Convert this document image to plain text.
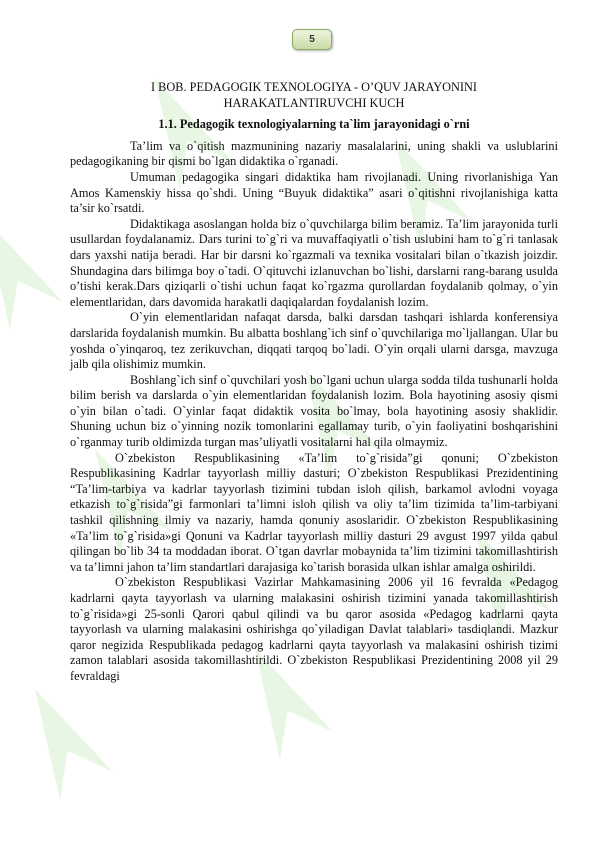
5
I BOB. PEDAGOGIK TEXNOLOGIYA - O’QUV JARAYONINI
HARAKATLANTIRUVCHI KUCH
1.1. Pedagogik texnologiyalarning ta`lim jarayonidagi o`rni

Ta’lim va o`qitish mazmunining nazariy masalalarini, uning shakli va uslublarini pedagogikaning bir qismi bo`lgan didaktika o`rganadi.

Umuman pedagogika singari didaktika ham rivojlanadi. Uning rivorlanishiga Yan Amos Kamenskiy hissa qo`shdi. Uning “Buyuk didaktika” asari o`qitishni rivojlanishiga katta ta’sir ko`rsatdi.

Didaktikaga asoslangan holda biz o`quvchilarga bilim beramiz. Ta’lim jarayonida turli usullardan foydalanamiz. Dars turini to`g`ri va muvaffaqiyatli o`tish uslubini ham to`g`ri tanlasak dars yaxshi natija beradi. Har bir darsni ko`rgazmali va texnika vositalari bilan o`tkazish joizdir. Shundagina dars bilimga boy o`tadi. O`qituvchi izlanuvchan bo`lishi, darslarni rang-barang usulda o’tishi kerak.Dars qiziqarli o`tishi uchun faqat ko`rgazma qurollardan foydalanib qolmay, o`yin elementlaridan, dars davomida harakatli daqiqalardan foydalanish lozim.

O`yin elementlaridan nafaqat darsda, balki darsdan tashqari ishlarda konferensiya darslarida foydalanish mumkin. Bu albatta boshlang`ich sinf o`quvchilariga mo`ljallangan. Ular bu yoshda o`yinqaroq, tez zerikuvchan, diqqati tarqoq bo`ladi. O`yin orqali ularni darsga, mavzuga jalb qila olishimiz mumkin.

Boshlang`ich sinf o`quvchilari yosh bo`lgani uchun ularga sodda tilda tushunarli holda bilim berish va darslarda o`yin elementlaridan foydalanish lozim. Bola hayotining asosiy qismi o`yin bilan o`tadi. O`yinlar faqat didaktik vosita bo`lmay, bola hayotining asosiy shaklidir. Shuning uchun biz o`yinning nozik tomonlarini egallamay turib, o`yin faoliyatini boshqarishini o`rganmay turib oldimizda turgan mas’uliyatli vositalarni hal qila olmaymiz.

O`zbekiston Respublikasining «Ta’lim to`g`risida”gi qonuni; O`zbekiston Respublikasining Kadrlar tayyorlash milliy dasturi; O`zbekiston Respublikasi Prezidentining “Ta’lim-tarbiya va kadrlar tayyorlash tizimini tubdan isloh qilish, barkamol avlodni voyaga etkazish to`g`risida”gi farmonlari ta’limni isloh qilish va oliy ta’lim tizimida ta’lim-tarbiyani tashkil qilishning ilmiy va nazariy, hamda qonuniy asoslaridir. O`zbekiston Respublikasining «Ta’lim to`g`risida»gi Qonuni va Kadrlar tayyorlash milliy dasturi 29 avgust 1997 yilda qabul qilingan bo`lib 34 ta moddadan iborat. O`tgan davrlar mobaynida ta’lim tizimini takomillashtirish va ta’limni jahon ta’lim standartlari darajasiga ko`tarish borasida ulkan ishlar amalga oshirildi.

O`zbekiston Respublikasi Vazirlar Mahkamasining 2006 yil 16 fevralda «Pedagog kadrlarni qayta tayyorlash va ularning malakasini oshirish tizimini yanada takomillashtirish to`g`risida»gi 25-sonli Qarori qabul qilindi va bu qaror asosida «Pedagog kadrlarni qayta tayyorlash va ularning malakasini oshirishga qo`yiladigan Davlat talablari» tasdiqlandi. Mazkur qaror negizida Respublikada pedagog kadrlarni qayta tayyorlash va malakasini oshirish tizimi zamon talablari asosida takomillashtirildi. O`zbekiston Respublikasi Prezidentining 2008 yil 29 fevraldagi
